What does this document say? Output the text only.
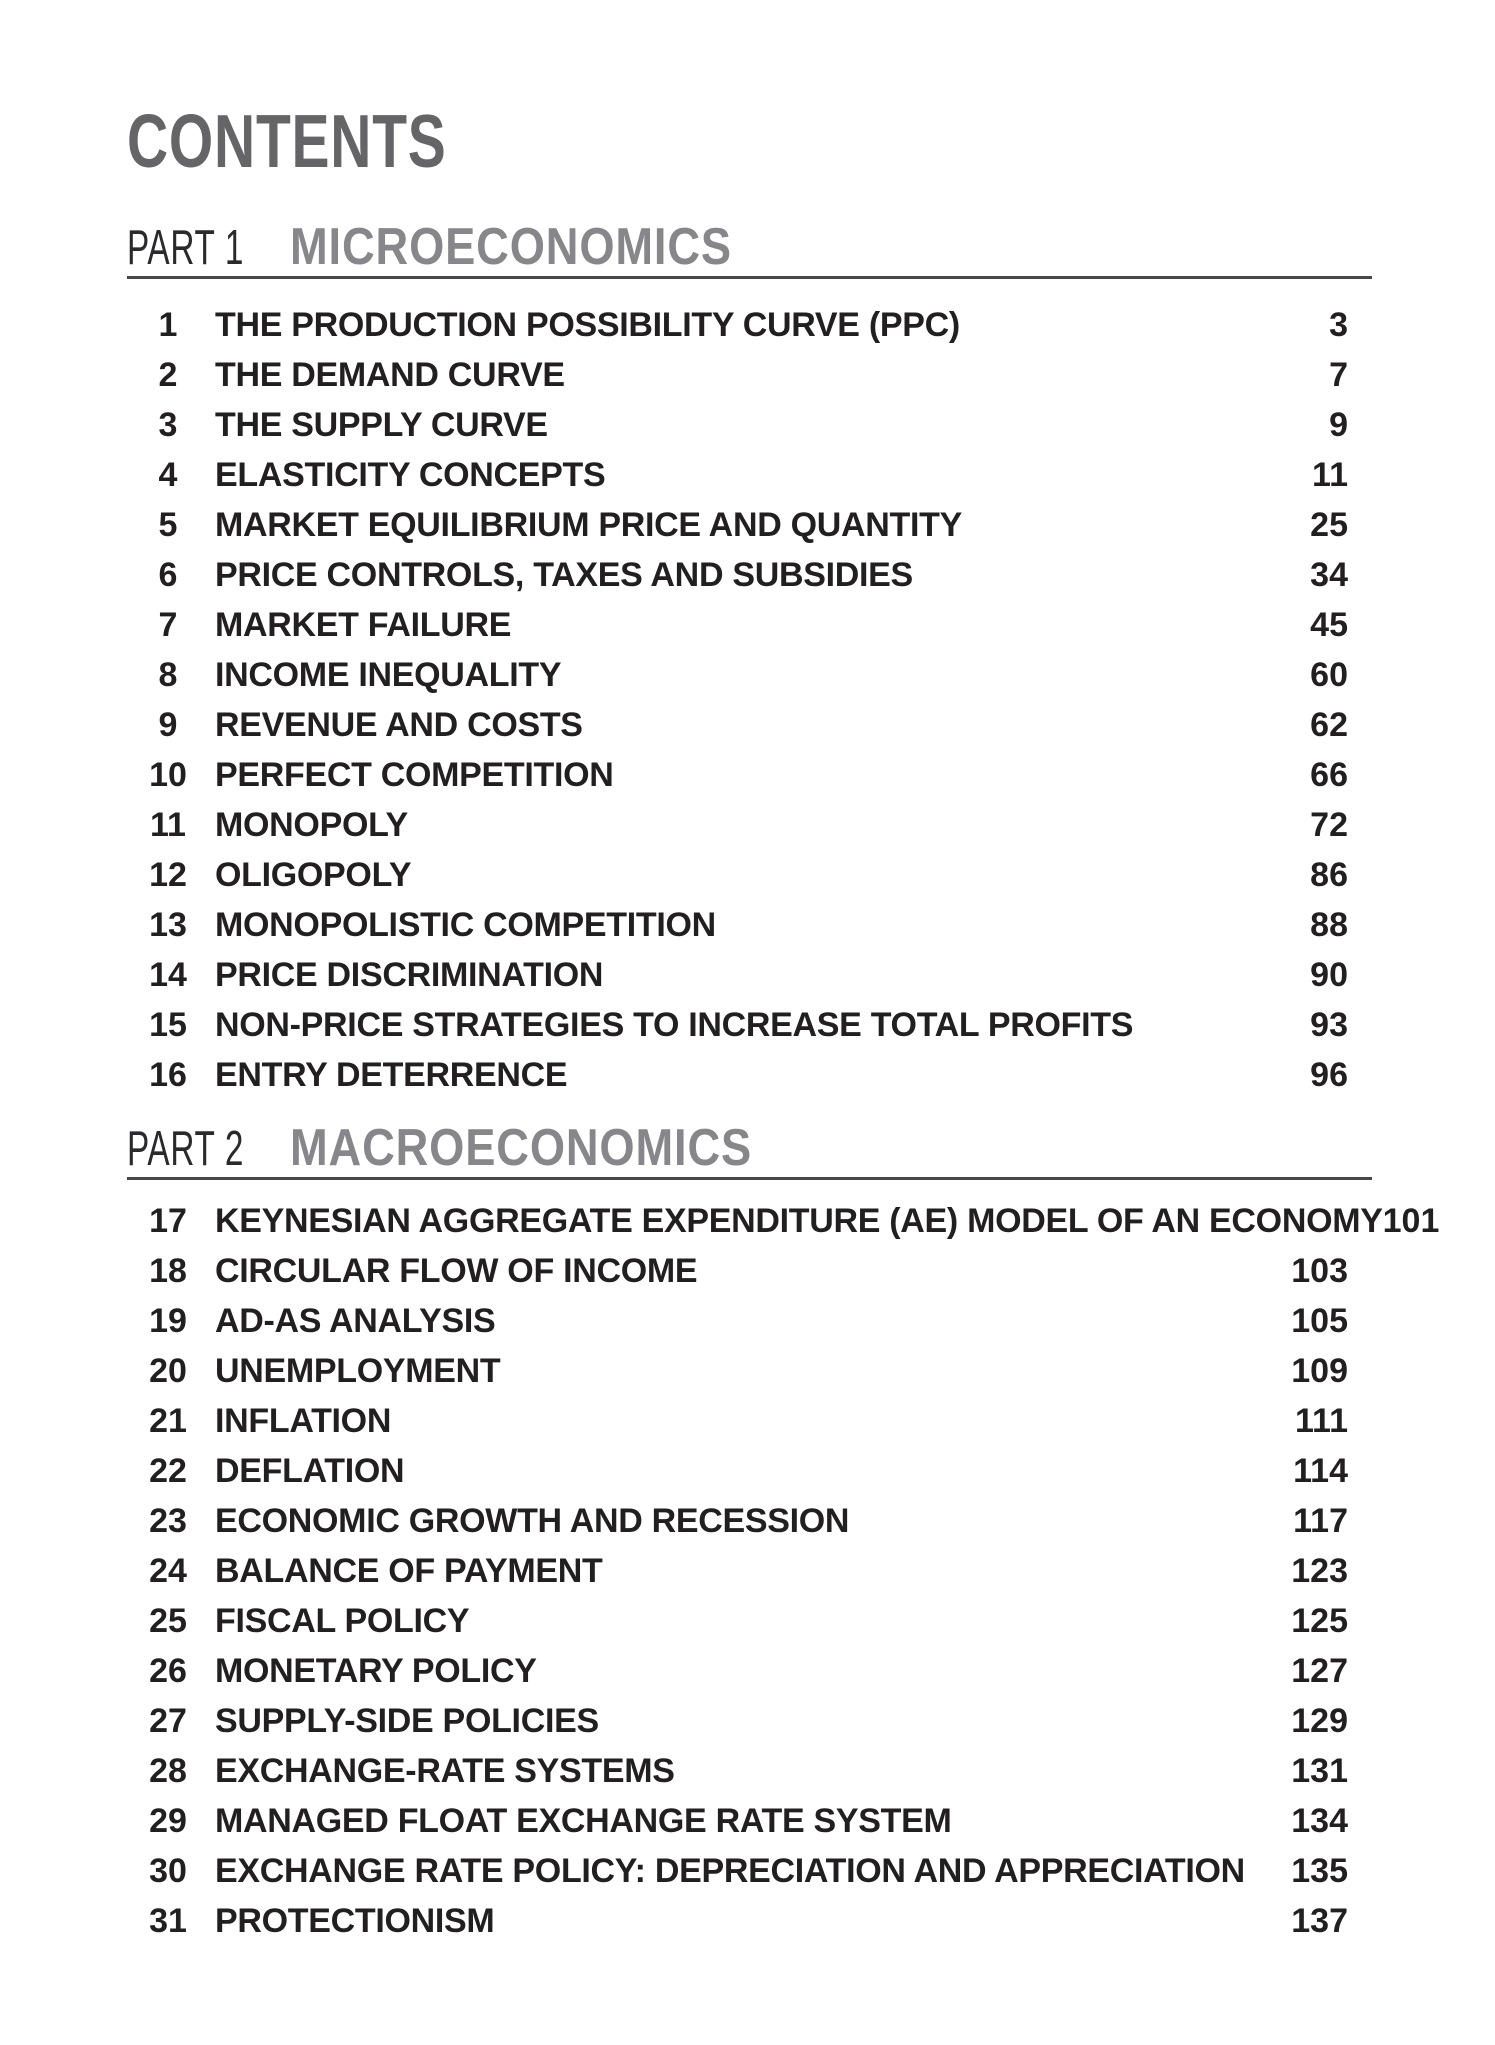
CONTENTS
PART 1 MICROECONOMICS
1	THE PRODUCTION POSSIBILITY CURVE (PPC)	3
2	THE DEMAND CURVE	7
3	THE SUPPLY CURVE	9
4	ELASTICITY CONCEPTS	11
5	MARKET EQUILIBRIUM PRICE AND QUANTITY	25
6	PRICE CONTROLS, TAXES AND SUBSIDIES	34
7	MARKET FAILURE	45
8	INCOME INEQUALITY	60
9	REVENUE AND COSTS	62
10 PERFECT COMPETITION	66
11 MONOPOLY	72
12 OLIGOPOLY	86
13 MONOPOLISTIC COMPETITION	88
14 PRICE DISCRIMINATION	90
15 NON-PRICE STRATEGIES TO INCREASE TOTAL PROFITS	93
16 ENTRY DETERRENCE	96
PART 2 MACROECONOMICS
17 KEYNESIAN AGGREGATE EXPENDITURE (AE) MODEL OF AN ECONOMY 101
18 CIRCULAR FLOW OF INCOME	103
19 AD-AS ANALYSIS	105
20 UNEMPLOYMENT	109
21 INFLATION	111
22 DEFLATION	114
23 ECONOMIC GROWTH AND RECESSION	117
24 BALANCE OF PAYMENT	123
25 FISCAL POLICY	125
26 MONETARY POLICY	127
27 SUPPLY-SIDE POLICIES	129
28 EXCHANGE-RATE SYSTEMS	131
29 MANAGED FLOAT EXCHANGE RATE SYSTEM	134
30 EXCHANGE RATE POLICY: DEPRECIATION AND APPRECIATION 135
31 PROTECTIONISM	137
